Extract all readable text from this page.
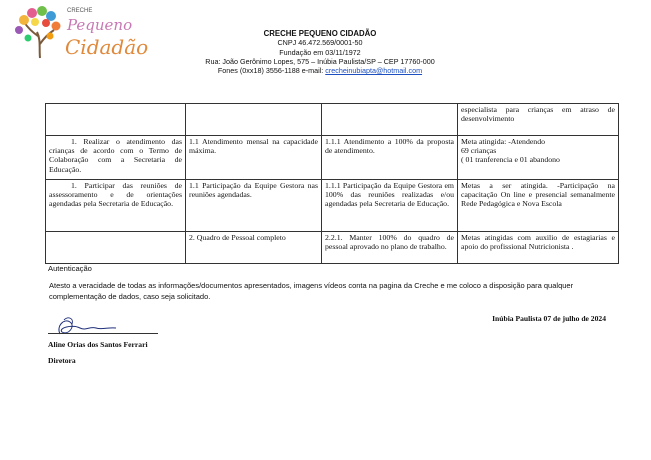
CRECHE
Pequeno
Cidadão
CRECHE PEQUENO CIDADÃO
CNPJ 46.472.569/0001-50
Fundação em 03/11/1972
Rua: João Gerônimo Lopes, 575 – Inúbia Paulista/SP – CEP 17760-000
Fones (0xx18) 3556-1188 e-mail: crecheinubiapta@hotmail.com
			especialista para crianças em atraso de desenvolvimento
1. Realizar o atendimento das crianças de acordo com o Termo de Colaboração com a Secretaria de Educação.	1.1 Atendimento mensal na capacidade máxima.	1.1.1 Atendimento a 100% da proposta de atendimento.	Meta atingida: -Atendendo
69 crianças
( 01 tranferencia e 01 abandono

1. Participar das reuniões de assessoramento e de orientações agendadas pela Secretaria de Educação.	1.1 Participação da Equipe Gestora nas reuniões agendadas.	1.1.1 Participação da Equipe Gestora em 100% das reuniões realizadas e/ou agendadas pela Secretaria de Educação.	Metas a ser atingida. -Participação na capacitação On line e presencial semanalmente Rede Pedagógica e Nova Escola
	2. Quadro de Pessoal completo	2.2.1. Manter 100% do quadro de pessoal aprovado no plano de trabalho.	Metas atingidas com auxilio de estagiarias e apoio do profissional Nutricionista .
Autenticação
Atesto a veracidade de todas as informações/documentos apresentados, imagens vídeos conta na pagina da Creche e me coloco a disposição para qualquer complementação de dados, caso seja solicitado.
Inúbia Paulista 07 de julho de 2024
Aline Orias dos Santos Ferrari
Diretora
